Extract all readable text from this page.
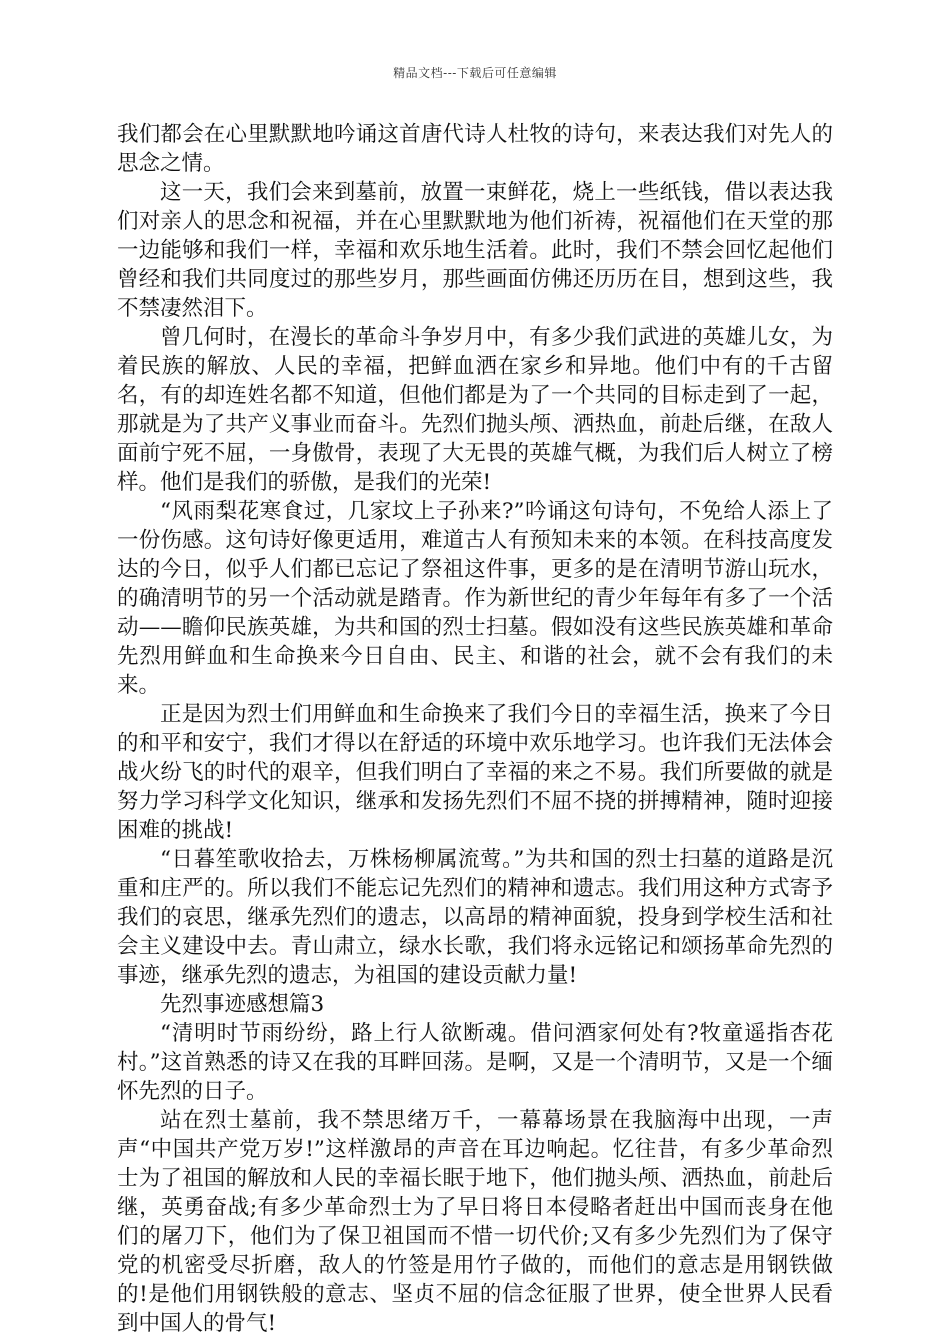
精品文档---下载后可任意编辑

我们都会在心里默默地吟诵这首唐代诗人杜牧的诗句，来表达我们对先人的思念之情。

这一天，我们会来到墓前，放置一束鲜花，烧上一些纸钱，借以表达我们对亲人的思念和祝福，并在心里默默地为他们祈祷，祝福他们在天堂的那一边能够和我们一样，幸福和欢乐地生活着。此时，我们不禁会回忆起他们曾经和我们共同度过的那些岁月，那些画面仿佛还历历在目，想到这些，我不禁凄然泪下。

曾几何时，在漫长的革命斗争岁月中，有多少我们武进的英雄儿女，为着民族的解放、人民的幸福，把鲜血洒在家乡和异地。他们中有的千古留名，有的却连姓名都不知道，但他们都是为了一个共同的目标走到了一起，那就是为了共产义事业而奋斗。先烈们抛头颅、洒热血，前赴后继，在敌人面前宁死不屈，一身傲骨，表现了大无畏的英雄气概，为我们后人树立了榜样。他们是我们的骄傲，是我们的光荣!

“风雨梨花寒食过，几家坟上子孙来?”吟诵这句诗句，不免给人添上了一份伤感。这句诗好像更适用，难道古人有预知未来的本领。在科技高度发达的今日，似乎人们都已忘记了祭祖这件事，更多的是在清明节游山玩水，的确清明节的另一个活动就是踏青。作为新世纪的青少年每年有多了一个活动——瞻仰民族英雄，为共和国的烈士扫墓。假如没有这些民族英雄和革命先烈用鲜血和生命换来今日自由、民主、和谐的社会，就不会有我们的未来。

正是因为烈士们用鲜血和生命换来了我们今日的幸福生活，换来了今日的和平和安宁，我们才得以在舒适的环境中欢乐地学习。也许我们无法体会战火纷飞的时代的艰辛，但我们明白了幸福的来之不易。我们所要做的就是努力学习科学文化知识，继承和发扬先烈们不屈不挠的拼搏精神，随时迎接困难的挑战!

“日暮笙歌收拾去，万株杨柳属流莺。”为共和国的烈士扫墓的道路是沉重和庄严的。所以我们不能忘记先烈们的精神和遗志。我们用这种方式寄予我们的哀思，继承先烈们的遗志，以高昂的精神面貌，投身到学校生活和社会主义建设中去。青山肃立，绿水长歌，我们将永远铭记和颂扬革命先烈的事迹，继承先烈的遗志，为祖国的建设贡献力量!

先烈事迹感想篇3

“清明时节雨纷纷，路上行人欲断魂。借问酒家何处有?牧童遥指杏花村。”这首熟悉的诗又在我的耳畔回荡。是啊，又是一个清明节，又是一个缅怀先烈的日子。

站在烈士墓前，我不禁思绪万千，一幕幕场景在我脑海中出现，一声声“中国共产党万岁!”这样激昂的声音在耳边响起。忆往昔，有多少革命烈士为了祖国的解放和人民的幸福长眠于地下，他们抛头颅、洒热血，前赴后继，英勇奋战;有多少革命烈士为了早日将日本侵略者赶出中国而丧身在他们的屠刀下，他们为了保卫祖国而不惜一切代价;又有多少先烈们为了保守党的机密受尽折磨，敌人的竹签是用竹子做的，而他们的意志是用钢铁做的!是他们用钢铁般的意志、坚贞不屈的信念征服了世界，使全世界人民看到中国人的骨气!
